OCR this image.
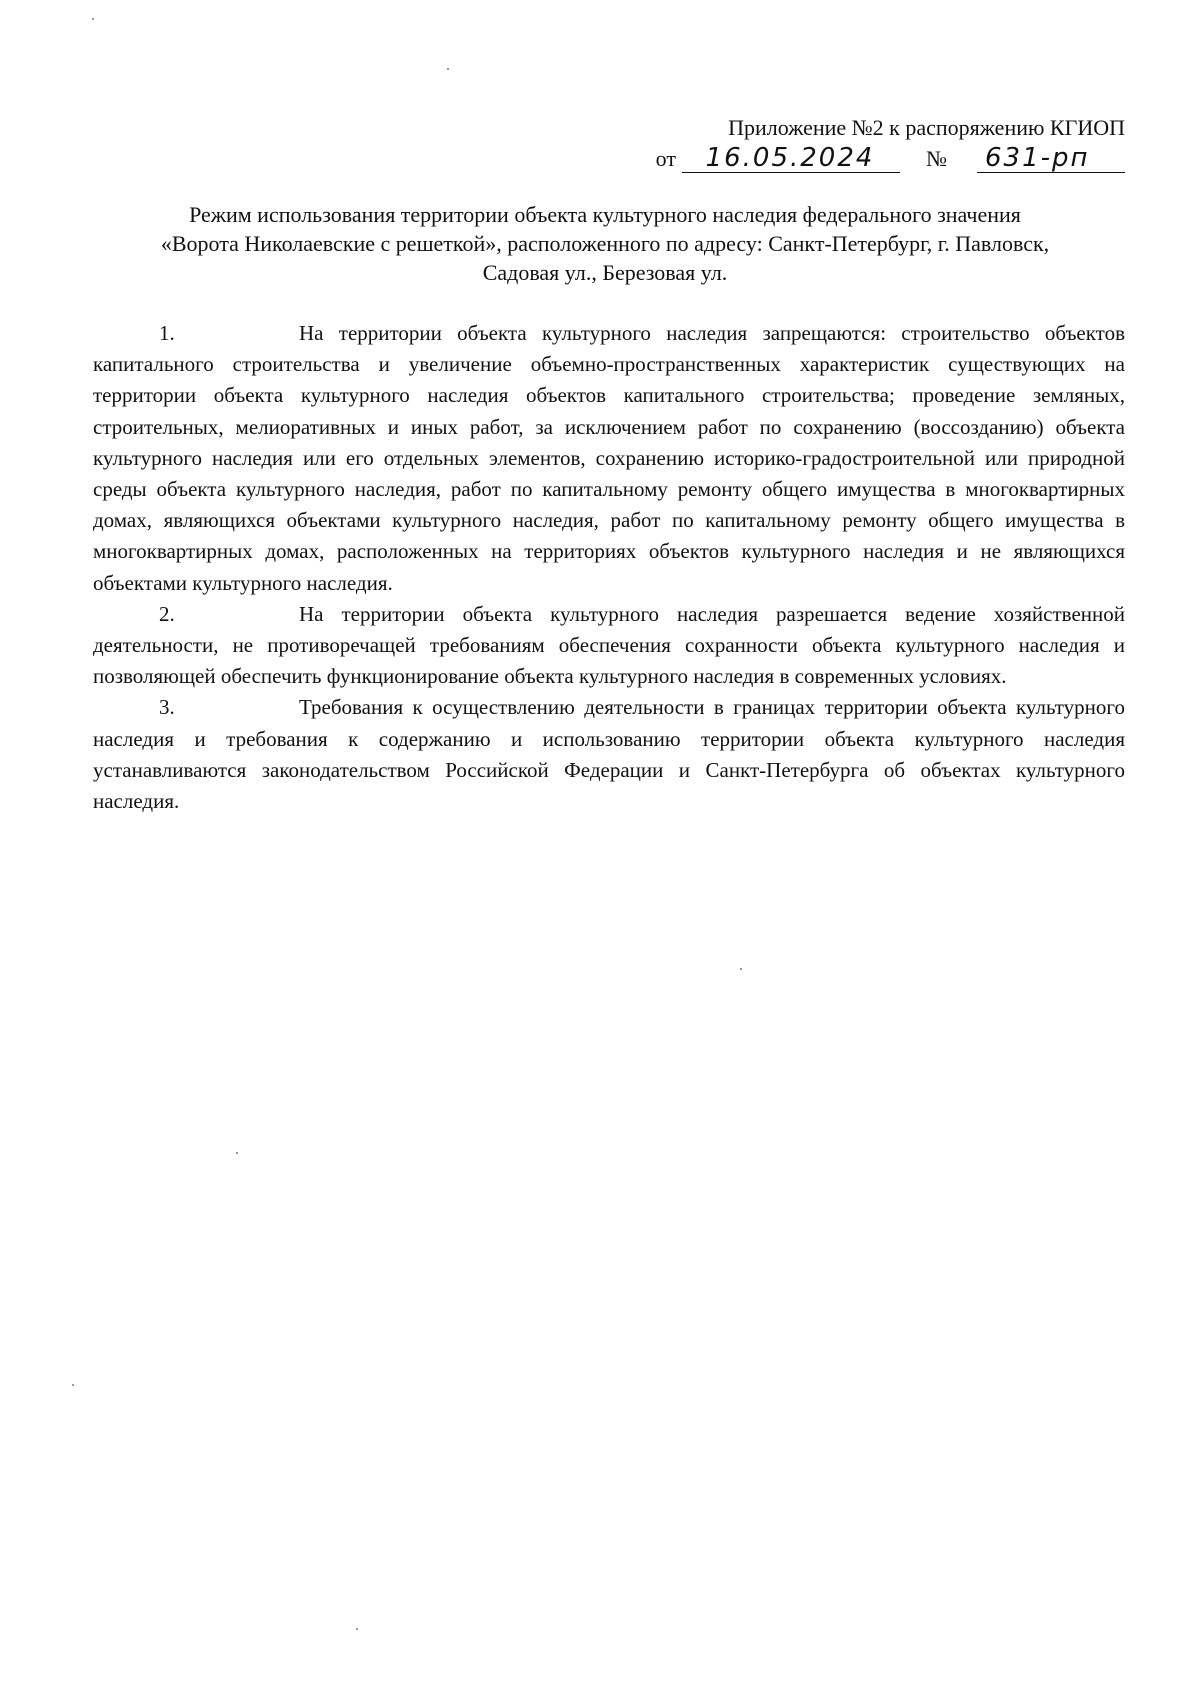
Приложение №2 к распоряжению КГИОП
от	16.05.2024	№	631-рп
Режим использования территории объекта культурного наследия федерального значения
«Ворота Николаевские с решеткой», расположенного по адресу: Санкт-Петербург, г. Павловск,
Садовая ул., Березовая ул.

1.	На территории объекта культурного наследия запрещаются: строительство объектов капитального строительства и увеличение объемно-пространственных характеристик существующих на территории объекта культурного наследия объектов капитального строительства; проведение земляных, строительных, мелиоративных и иных работ, за исключением работ по сохранению (воссозданию) объекта культурного наследия или его отдельных элементов, сохранению историко-градостроительной или природной среды объекта культурного наследия, работ по капитальному ремонту общего имущества в многоквартирных домах, являющихся объектами культурного наследия, работ по капитальному ремонту общего имущества в многоквартирных домах, расположенных на территориях объектов культурного наследия и не являющихся объектами культурного наследия.

2.	На территории объекта культурного наследия разрешается ведение хозяйственной деятельности, не противоречащей требованиям обеспечения сохранности объекта культурного наследия и позволяющей обеспечить функционирование объекта культурного наследия в современных условиях.

3.	Требования к осуществлению деятельности в границах территории объекта культурного наследия и требования к содержанию и использованию территории объекта культурного наследия устанавливаются законодательством Российской Федерации и Санкт-Петербурга об объектах культурного наследия.
